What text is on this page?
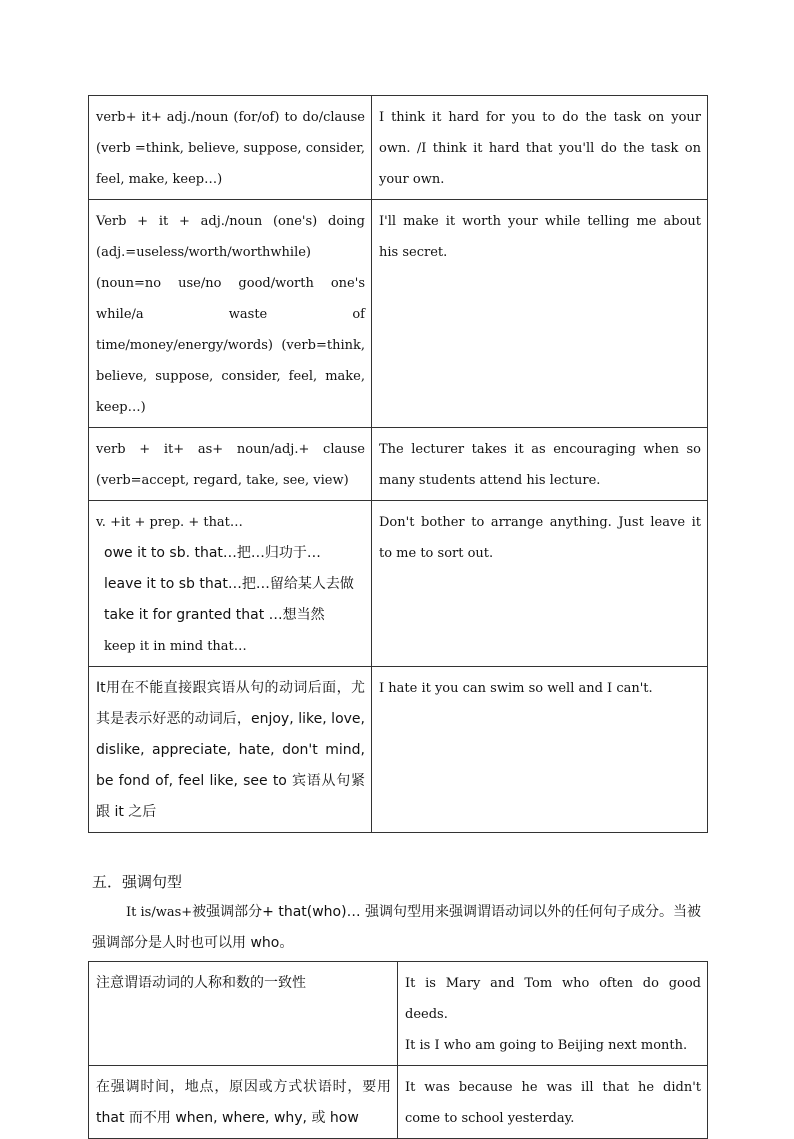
verb+ it+ adj./noun (for/of) to do/clause (verb =think, believe, suppose, consider, feel, make, keep…)	I think it hard for you to do the task on your own. /I think it hard that you'll do the task on your own.

Verb + it + adj./noun (one's) doing (adj.=useless/worth/worthwhile)(noun=no use/no good/worth one's while/a waste of time/money/energy/words) (verb=think, believe, suppose, consider, feel, make, keep…)	I'll make it worth your while telling me about his secret.

verb + it+ as+ noun/adj.+ clause (verb=accept, regard, take, see, view)	The lecturer takes it as encouraging when so many students attend his lecture.

v. +it + prep. + that…
owe it to sb. that…把…归功于…
leave it to sb that…把…留给某人去做
take it for granted that …想当然
keep it in mind that…	Don't bother to arrange anything. Just leave it to me to sort out.

It用在不能直接跟宾语从句的动词后面，尤其是表示好恶的动词后，enjoy, like, love, dislike, appreciate, hate, don't mind, be fond of, feel like, see to 宾语从句紧跟 it 之后	I hate it you can swim so well and I can't.
五．强调句型

It is/was+被强调部分+ that(who)… 强调句型用来强调谓语动词以外的任何句子成分。当被强调部分是人时也可以用 who。

注意谓语动词的人称和数的一致性	It is Mary and Tom who often do good deeds.
It is I who am going to Beijing next month.

在强调时间，地点，原因或方式状语时，要用 that 而不用 when, where, why, 或 how	It was because he was ill that he didn't come to school yesterday.
